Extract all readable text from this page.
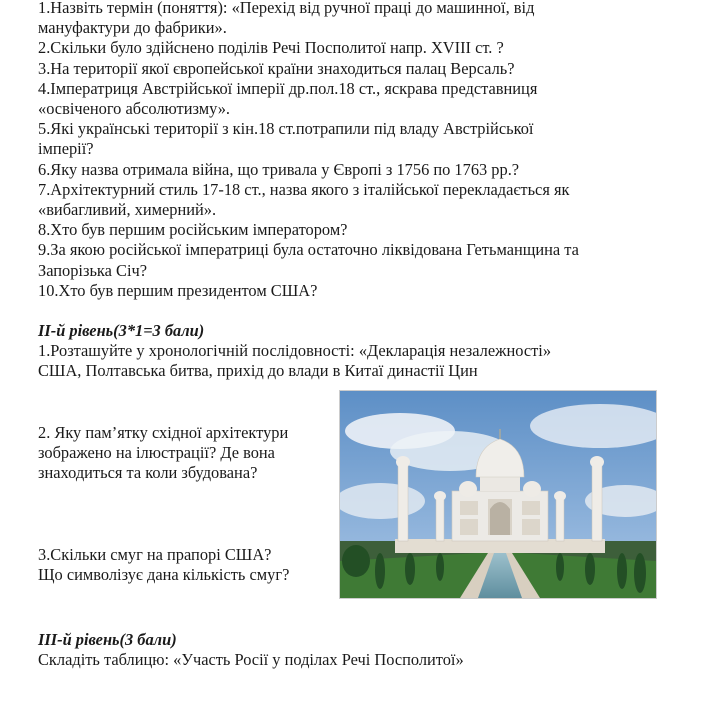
1.Назвіть термін (поняття): «Перехід від ручної праці до машинної, від

мануфактури до фабрики».

2.Скільки було здійснено поділів Речі Посполитої напр. XVIII ст. ?

3.На території якої європейської країни знаходиться палац Версаль?

4.Імператриця Австрійської імперії др.пол.18 ст., яскрава представниця

«освіченого абсолютизму».

5.Які українські території з кін.18 ст.потрапили під владу Австрійської

імперії?

6.Яку назва отримала війна, що тривала у Європі з 1756 по 1763 рр.?

7.Архітектурний стиль 17-18 ст., назва якого з італійської перекладається як

«вибагливий, химерний».

8.Хто був першим російським імператором?

9.За якою російської імператриці була остаточно ліквідована Гетьманщина та

Запорізька Січ?

10.Хто був першим президентом США?

ІІ-й рівень(3*1=3 бали)

1.Розташуйте у хронологічній послідовності: «Декларація незалежності»

США, Полтавська битва, прихід до влади в Китаї династії Цин

2. Яку пам’ятку східної архітектури
зображено на ілюстрації? Де вона
знаходиться та коли збудована?
3.Скільки смуг на прапорі США?
Що символізує дана кількість смуг?

ІІІ-й рівень(3 бали)

Складіть таблицю: «Участь Росії у поділах Речі Посполитої»
